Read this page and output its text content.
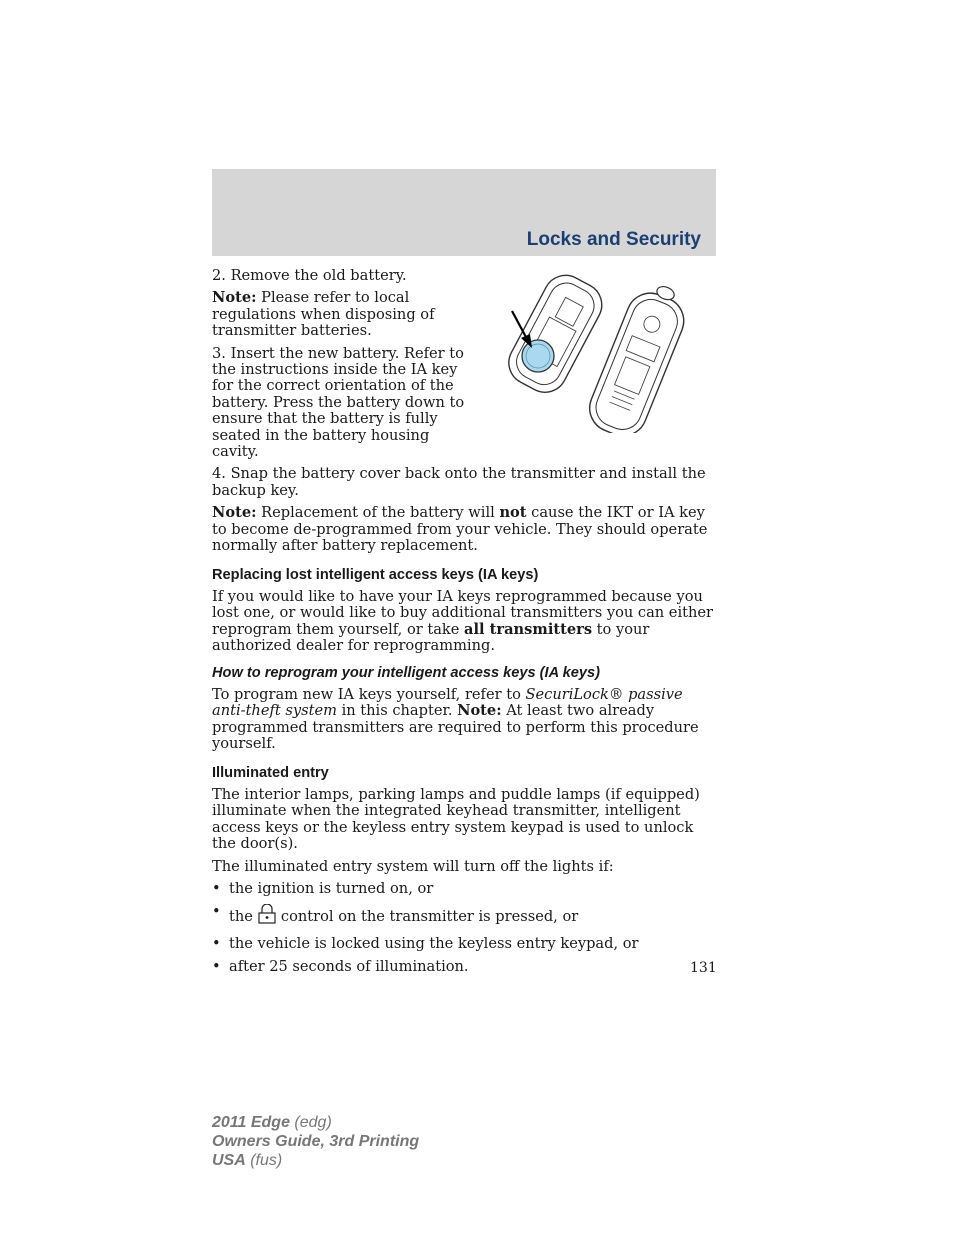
Locks and Security

2. Remove the old battery.

Note: Please refer to local regulations when disposing of transmitter batteries.

3. Insert the new battery. Refer to the instructions inside the IA key for the correct orientation of the battery. Press the battery down to ensure that the battery is fully seated in the battery housing cavity.

4. Snap the battery cover back onto the transmitter and install the backup key.

Note: Replacement of the battery will not cause the IKT or IA key to become de-programmed from your vehicle. They should operate normally after battery replacement.

Replacing lost intelligent access keys (IA keys)

If you would like to have your IA keys reprogrammed because you lost one, or would like to buy additional transmitters you can either reprogram them yourself, or take all transmitters to your authorized dealer for reprogramming.

How to reprogram your intelligent access keys (IA keys)

To program new IA keys yourself, refer to SecuriLock® passive anti-theft system in this chapter. Note: At least two already programmed transmitters are required to perform this procedure yourself.

Illuminated entry

The interior lamps, parking lamps and puddle lamps (if equipped) illuminate when the integrated keyhead transmitter, intelligent access keys or the keyless entry system keypad is used to unlock the door(s).

The illuminated entry system will turn off the lights if:

• the ignition is turned on, or
• the control on the transmitter is pressed, or
• the vehicle is locked using the keyless entry keypad, or
• after 25 seconds of illumination.	131
2011 Edge (edg)
Owners Guide, 3rd Printing
USA (fus)
